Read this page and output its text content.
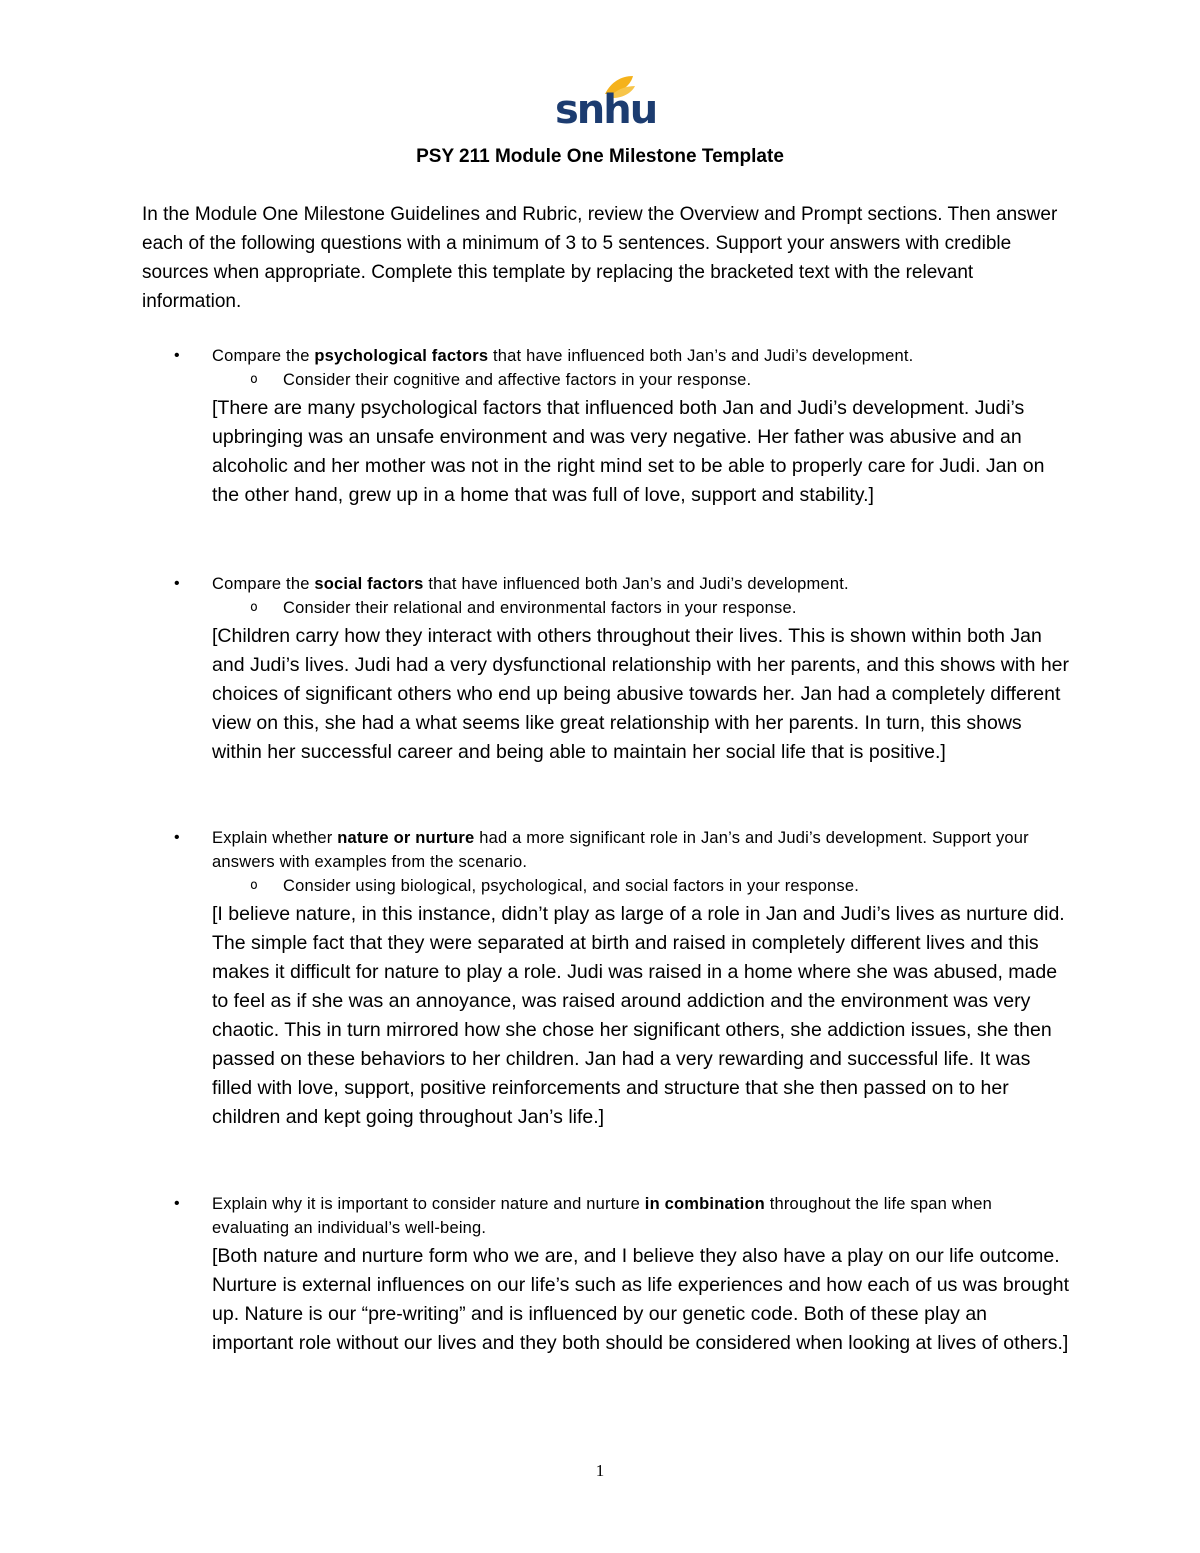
snhu
PSY 211 Module One Milestone Template

In the Module One Milestone Guidelines and Rubric, review the Overview and Prompt sections. Then answer each of the following questions with a minimum of 3 to 5 sentences. Support your answers with credible sources when appropriate. Complete this template by replacing the bracketed text with the relevant information.

• Compare the psychological factors that have influenced both Jan’s and Judi’s development.
o Consider their cognitive and affective factors in your response.
[There are many psychological factors that influenced both Jan and Judi’s development. Judi’s upbringing was an unsafe environment and was very negative. Her father was abusive and an alcoholic and her mother was not in the right mind set to be able to properly care for Judi. Jan on the other hand, grew up in a home that was full of love, support and stability.]
• Compare the social factors that have influenced both Jan’s and Judi’s development.
o Consider their relational and environmental factors in your response.
[Children carry how they interact with others throughout their lives. This is shown within both Jan and Judi’s lives. Judi had a very dysfunctional relationship with her parents, and this shows with her choices of significant others who end up being abusive towards her. Jan had a completely different view on this, she had a what seems like great relationship with her parents. In turn, this shows within her successful career and being able to maintain her social life that is positive.]
• Explain whether nature or nurture had a more significant role in Jan’s and Judi’s development. Support your answers with examples from the scenario.
o Consider using biological, psychological, and social factors in your response.
[I believe nature, in this instance, didn’t play as large of a role in Jan and Judi’s lives as nurture did. The simple fact that they were separated at birth and raised in completely different lives and this makes it difficult for nature to play a role. Judi was raised in a home where she was abused, made to feel as if she was an annoyance, was raised around addiction and the environment was very chaotic. This in turn mirrored how she chose her significant others, she addiction issues, she then passed on these behaviors to her children. Jan had a very rewarding and successful life. It was filled with love, support, positive reinforcements and structure that she then passed on to her children and kept going throughout Jan’s life.]
• Explain why it is important to consider nature and nurture in combination throughout the life span when evaluating an individual’s well-being.
[Both nature and nurture form who we are, and I believe they also have a play on our life outcome. Nurture is external influences on our life’s such as life experiences and how each of us was brought up. Nature is our “pre-writing” and is influenced by our genetic code. Both of these play an important role without our lives and they both should be considered when looking at lives of others.]
1
